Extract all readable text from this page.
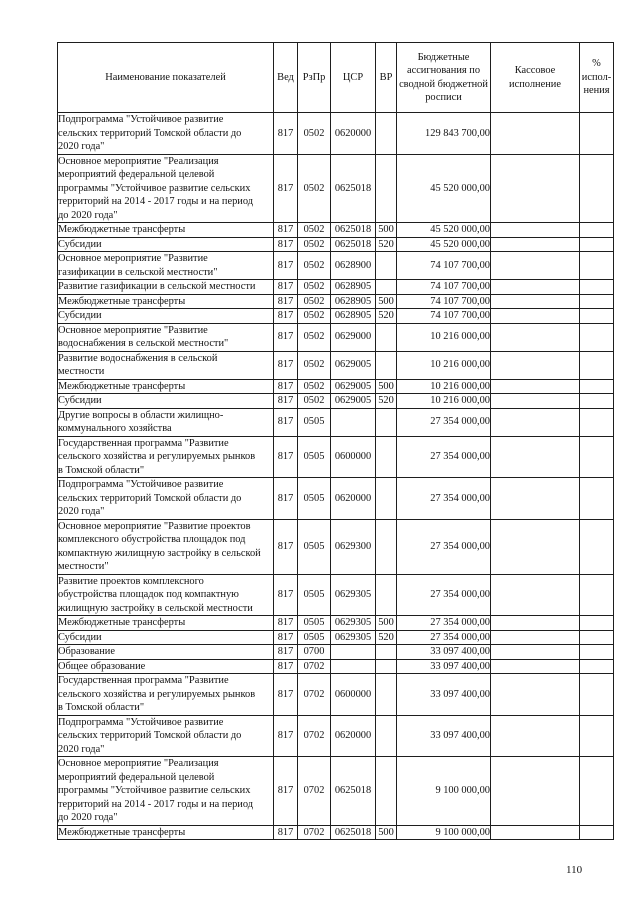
Наименование показателей	Вед	РзПр	ЦСР	ВР	Бюджетные ассигнования по сводной бюджетной росписи	Кассовое исполнение	% испол-нения
Подпрограмма "Устойчивое развитие
сельских территорий Томской области до
2020 года"	817	0502	0620000		129 843 700,00		
Основное мероприятие "Реализация
мероприятий федеральной целевой
программы "Устойчивое развитие сельских
территорий на 2014 - 2017 годы и на период
до 2020 года"	817	0502	0625018		45 520 000,00		
Межбюджетные трансферты	817	0502	0625018	500	45 520 000,00		
Субсидии	817	0502	0625018	520	45 520 000,00		
Основное мероприятие "Развитие
газификации в сельской местности"	817	0502	0628900		74 107 700,00		
Развитие газификации в сельской местности	817	0502	0628905		74 107 700,00		
Межбюджетные трансферты	817	0502	0628905	500	74 107 700,00		
Субсидии	817	0502	0628905	520	74 107 700,00		
Основное мероприятие "Развитие
водоснабжения в сельской местности"	817	0502	0629000		10 216 000,00		
Развитие водоснабжения в сельской
местности	817	0502	0629005		10 216 000,00		
Межбюджетные трансферты	817	0502	0629005	500	10 216 000,00		
Субсидии	817	0502	0629005	520	10 216 000,00		
Другие вопросы в области жилищно-коммунального хозяйства	817	0505			27 354 000,00		
Государственная программа "Развитие
сельского хозяйства и регулируемых рынков
в Томской области"	817	0505	0600000		27 354 000,00		
Подпрограмма "Устойчивое развитие
сельских территорий Томской области до
2020 года"	817	0505	0620000		27 354 000,00		
Основное мероприятие "Развитие проектов
комплексного обустройства площадок под
компактную жилищную застройку в сельской
местности"	817	0505	0629300		27 354 000,00		
Развитие проектов комплексного
обустройства площадок под компактную
жилищную застройку в сельской местности	817	0505	0629305		27 354 000,00		
Межбюджетные трансферты	817	0505	0629305	500	27 354 000,00		
Субсидии	817	0505	0629305	520	27 354 000,00		
Образование	817	0700			33 097 400,00		
Общее образование	817	0702			33 097 400,00		
Государственная программа "Развитие
сельского хозяйства и регулируемых рынков
в Томской области"	817	0702	0600000		33 097 400,00		
Подпрограмма "Устойчивое развитие
сельских территорий Томской области до
2020 года"	817	0702	0620000		33 097 400,00		
Основное мероприятие "Реализация
мероприятий федеральной целевой
программы "Устойчивое развитие сельских
территорий на 2014 - 2017 годы и на период
до 2020 года"	817	0702	0625018		9 100 000,00		
Межбюджетные трансферты	817	0702	0625018	500	9 100 000,00		
110
